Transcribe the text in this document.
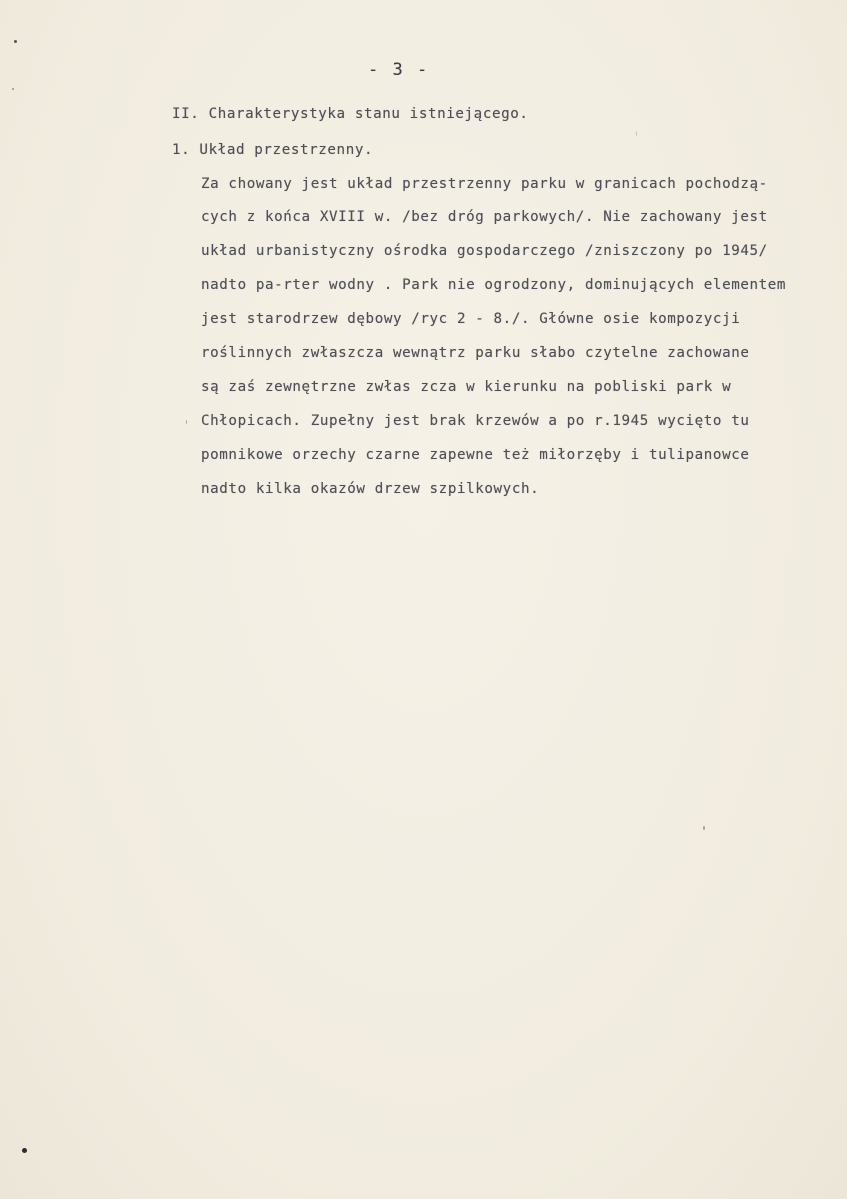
- 3 -
II. Charakterystyka stanu istniejącego.
1. Układ przestrzenny.
Za chowany jest układ przestrzenny parku w granicach pochodzą-
cych z końca XVIII w. /bez dróg parkowych/. Nie zachowany jest
układ urbanistyczny ośrodka gospodarczego /zniszczony po 1945/
nadto pa-rter wodny . Park nie ogrodzony, dominujących elementem
jest starodrzew dębowy /ryc 2 - 8./. Główne osie kompozycji
roślinnych zwłaszcza wewnątrz parku słabo czytelne zachowane
są zaś zewnętrzne zwłas zcza w kierunku na pobliski park w
Chłopicach. Zupełny jest brak krzewów a po r.1945 wycięto tu
pomnikowe orzechy czarne zapewne też miłorzęby i tulipanowce
nadto kilka okazów drzew szpilkowych.
